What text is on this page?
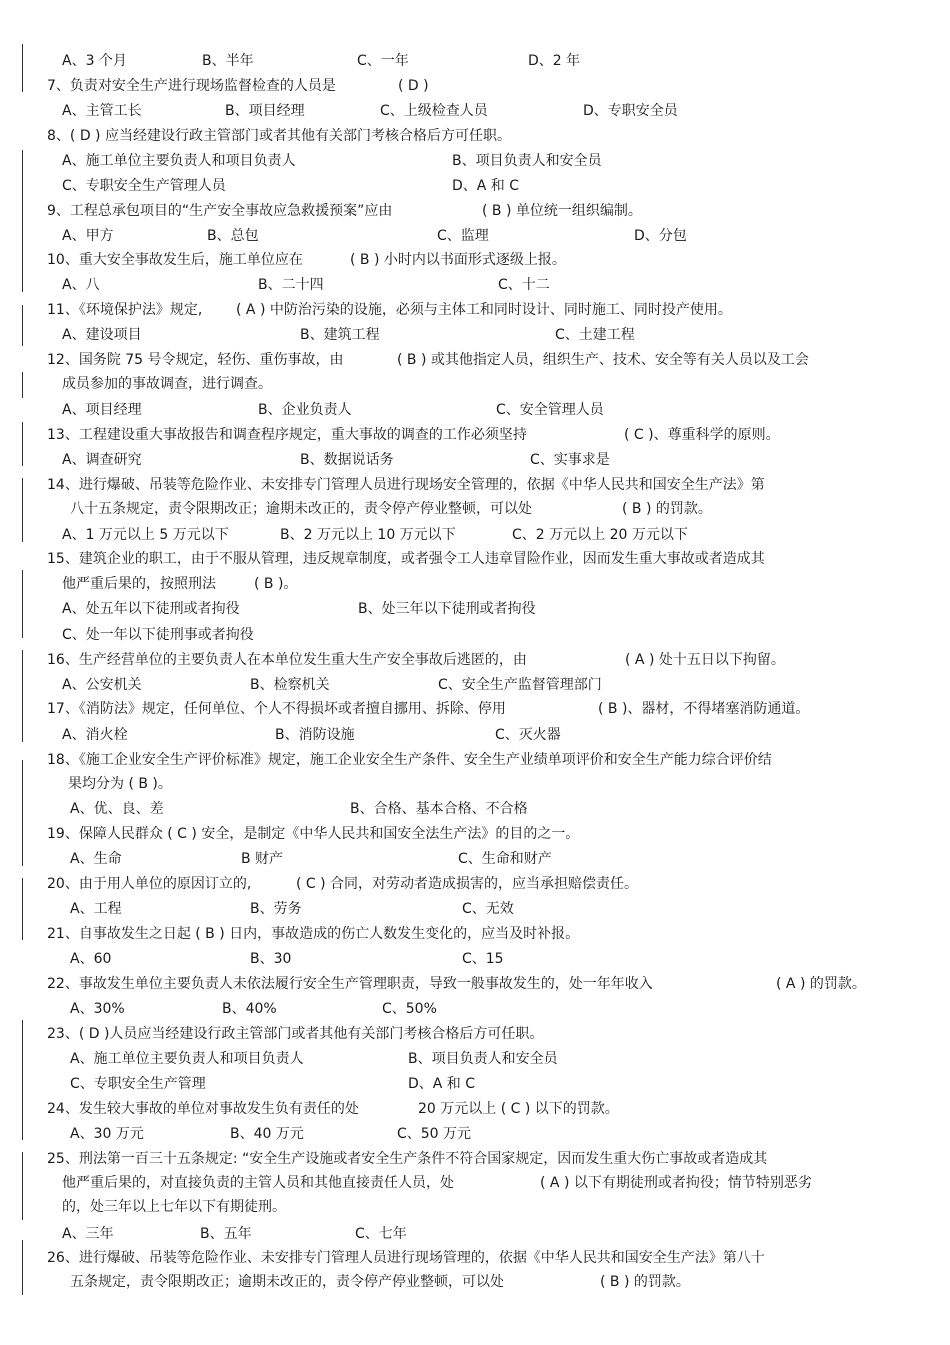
A、3 个月	B、半年	C、一年	D、2 年
7、负责对安全生产进行现场监督检查的人员是	( D )
A、主管工长	B、项目经理	C、上级检查人员	D、专职安全员
8、( D ) 应当经建设行政主管部门或者其他有关部门考核合格后方可任职。
A、施工单位主要负责人和项目负责人	B、项目负责人和安全员
C、专职安全生产管理人员	D、A 和 C
9、工程总承包项目的“生产安全事故应急救援预案”应由	( B ) 单位统一组织编制。
A、甲方	B、总包	C、监理	D、分包
10、重大安全事故发生后，施工单位应在	( B ) 小时内以书面形式逐级上报。
A、八	B、二十四	C、十二
11、《环境保护法》规定, ( A ) 中防治污染的设施，必须与主体工和同时设计、同时施工、同时投产使用。
A、建设项目	B、建筑工程	C、土建工程
12、国务院 75 号令规定，轻伤、重伤事故，由	( B ) 或其他指定人员，组织生产、技术、安全等有关人员以及工会
成员参加的事故调查，进行调查。
A、项目经理	B、企业负责人	C、安全管理人员
13、工程建设重大事故报告和调查程序规定，重大事故的调查的工作必须坚持	( C )、尊重科学的原则。
A、调查研究	B、数据说话务	C、实事求是
14、进行爆破、吊装等危险作业、未安排专门管理人员进行现场安全管理的，依据《中华人民共和国安全生产法》第
八十五条规定，责令限期改正；逾期未改正的，责令停产停业整顿，可以处	( B ) 的罚款。
A、1 万元以上 5 万元以下	B、2 万元以上 10 万元以下	C、2 万元以上 20 万元以下
15、建筑企业的职工，由于不服从管理，违反规章制度，或者强令工人违章冒险作业，因而发生重大事故或者造成其
他严重后果的，按照刑法	( B )。
A、处五年以下徒刑或者拘役	B、处三年以下徒刑或者拘役
C、处一年以下徒刑事或者拘役
16、生产经营单位的主要负责人在本单位发生重大生产安全事故后逃匿的，由	( A ) 处十五日以下拘留。
A、公安机关	B、检察机关	C、安全生产监督管理部门
17、《消防法》规定，任何单位、个人不得损坏或者擅自挪用、拆除、停用	( B )、器材，不得堵塞消防通道。
A、消火栓	B、消防设施	C、灭火器
18、《施工企业安全生产评价标准》规定，施工企业安全生产条件、安全生产业绩单项评价和安全生产能力综合评价结
果均分为 ( B )。
A、优、良、差	B、合格、基本合格、不合格
19、保障人民群众 ( C ) 安全，是制定《中华人民共和国安全法生产法》的目的之一。
A、生命	B 财产	C、生命和财产
20、由于用人单位的原因订立的,	( C ) 合同，对劳动者造成损害的，应当承担赔偿责任。
A、工程	B、劳务	C、无效
21、自事故发生之日起 ( B ) 日内，事故造成的伤亡人数发生变化的，应当及时补报。
A、60	B、30	C、15
22、事故发生单位主要负责人未依法履行安全生产管理职责，导致一般事故发生的，处一年年收入	( A ) 的罚款。
A、30%	B、40%	C、50%
23、( D )人员应当经建设行政主管部门或者其他有关部门考核合格后方可任职。
A、施工单位主要负责人和项目负责人	B、项目负责人和安全员
C、专职安全生产管理	D、A 和 C
24、发生较大事故的单位对事故发生负有责任的处	20 万元以上 ( C ) 以下的罚款。
A、30 万元	B、40 万元	C、50 万元
25、刑法第一百三十五条规定: “安全生产设施或者安全生产条件不符合国家规定，因而发生重大伤亡事故或者造成其
他严重后果的，对直接负责的主管人员和其他直接责任人员，处	( A ) 以下有期徒刑或者拘役；情节特别恶劣
的，处三年以上七年以下有期徒刑。
A、三年	B、五年	C、七年
26、进行爆破、吊装等危险作业、未安排专门管理人员进行现场管理的，依据《中华人民共和国安全生产法》第八十
五条规定，责令限期改正；逾期未改正的，责令停产停业整顿，可以处	( B ) 的罚款。
